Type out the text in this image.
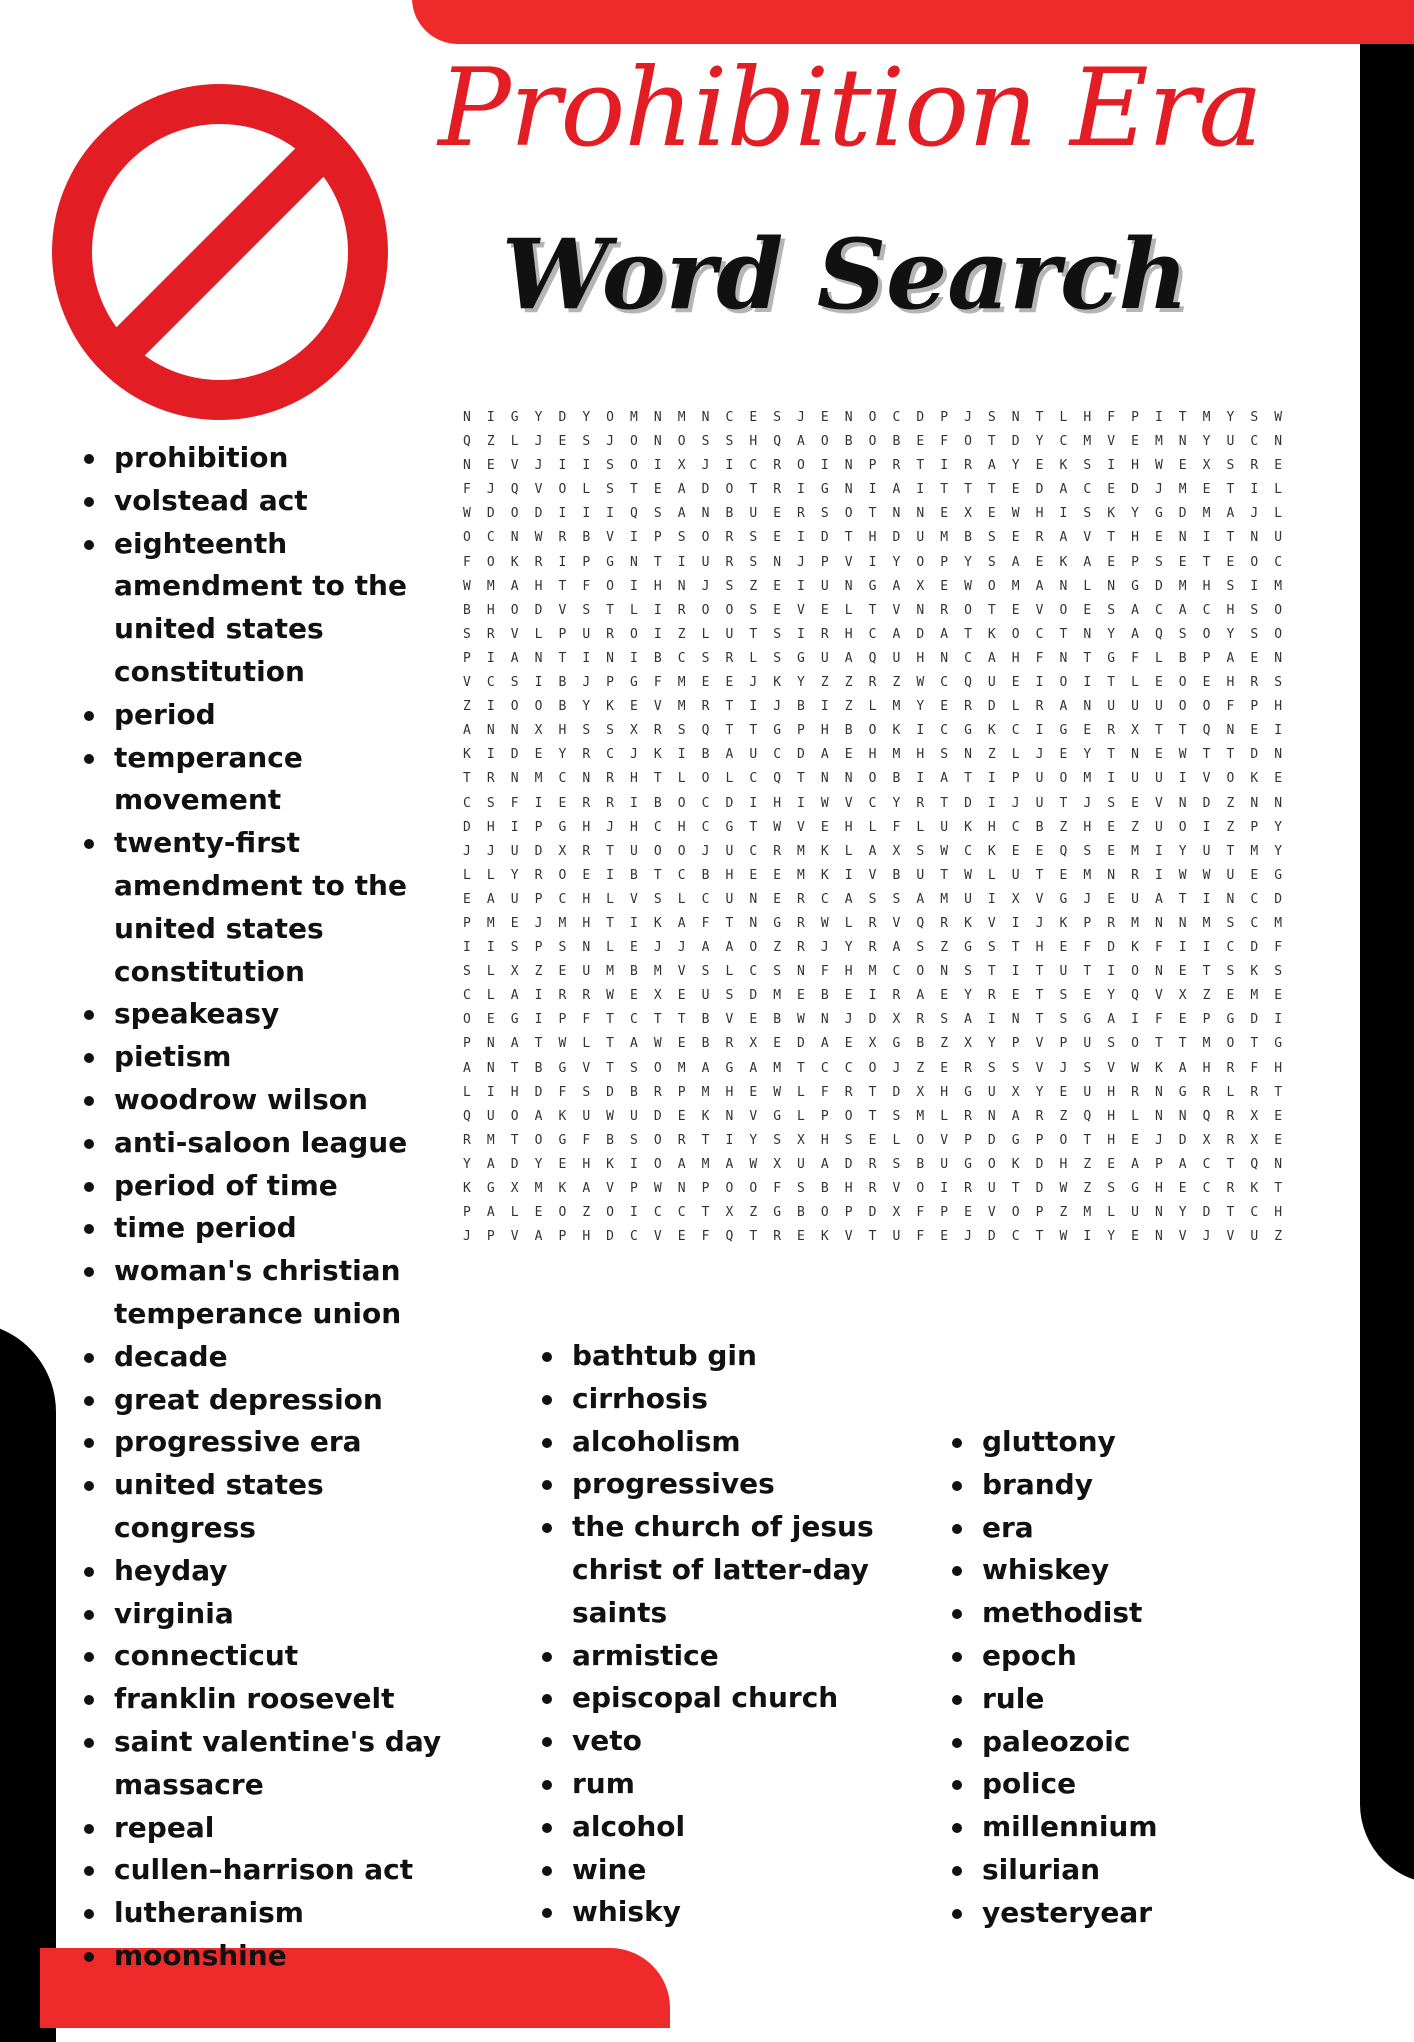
Prohibition Era
Word Search
N	I	G	Y	D	Y	O	M	N	M	N	C	E	S	J	E	N	O	C	D	P	J	S	N	T	L	H	F	P	I	T	M	Y	S	W
Q	Z	L	J	E	S	J	O	N	O	S	S	H	Q	A	O	B	O	B	E	F	O	T	D	Y	C	M	V	E	M	N	Y	U	C	N
N	E	V	J	I	I	S	O	I	X	J	I	C	R	O	I	N	P	R	T	I	R	A	Y	E	K	S	I	H	W	E	X	S	R	E
F	J	Q	V	O	L	S	T	E	A	D	O	T	R	I	G	N	I	A	I	T	T	T	E	D	A	C	E	D	J	M	E	T	I	L
W	D	O	D	I	I	I	Q	S	A	N	B	U	E	R	S	O	T	N	N	E	X	E	W	H	I	S	K	Y	G	D	M	A	J	L
O	C	N	W	R	B	V	I	P	S	O	R	S	E	I	D	T	H	D	U	M	B	S	E	R	A	V	T	H	E	N	I	T	N	U
F	O	K	R	I	P	G	N	T	I	U	R	S	N	J	P	V	I	Y	O	P	Y	S	A	E	K	A	E	P	S	E	T	E	O	C
W	M	A	H	T	F	O	I	H	N	J	S	Z	E	I	U	N	G	A	X	E	W	O	M	A	N	L	N	G	D	M	H	S	I	M
B	H	O	D	V	S	T	L	I	R	O	O	S	E	V	E	L	T	V	N	R	O	T	E	V	O	E	S	A	C	A	C	H	S	O
S	R	V	L	P	U	R	O	I	Z	L	U	T	S	I	R	H	C	A	D	A	T	K	O	C	T	N	Y	A	Q	S	O	Y	S	O
P	I	A	N	T	I	N	I	B	C	S	R	L	S	G	U	A	Q	U	H	N	C	A	H	F	N	T	G	F	L	B	P	A	E	N
V	C	S	I	B	J	P	G	F	M	E	E	J	K	Y	Z	Z	R	Z	W	C	Q	U	E	I	O	I	T	L	E	O	E	H	R	S
Z	I	O	O	B	Y	K	E	V	M	R	T	I	J	B	I	Z	L	M	Y	E	R	D	L	R	A	N	U	U	U	O	O	F	P	H
A	N	N	X	H	S	S	X	R	S	Q	T	T	G	P	H	B	O	K	I	C	G	K	C	I	G	E	R	X	T	T	Q	N	E	I
K	I	D	E	Y	R	C	J	K	I	B	A	U	C	D	A	E	H	M	H	S	N	Z	L	J	E	Y	T	N	E	W	T	T	D	N
T	R	N	M	C	N	R	H	T	L	O	L	C	Q	T	N	N	O	B	I	A	T	I	P	U	O	M	I	U	U	I	V	O	K	E
C	S	F	I	E	R	R	I	B	O	C	D	I	H	I	W	V	C	Y	R	T	D	I	J	U	T	J	S	E	V	N	D	Z	N	N
D	H	I	P	G	H	J	H	C	H	C	G	T	W	V	E	H	L	F	L	U	K	H	C	B	Z	H	E	Z	U	O	I	Z	P	Y
J	J	U	D	X	R	T	U	O	O	J	U	C	R	M	K	L	A	X	S	W	C	K	E	E	Q	S	E	M	I	Y	U	T	M	Y
L	L	Y	R	O	E	I	B	T	C	B	H	E	E	M	K	I	V	B	U	T	W	L	U	T	E	M	N	R	I	W	W	U	E	G
E	A	U	P	C	H	L	V	S	L	C	U	N	E	R	C	A	S	S	A	M	U	I	X	V	G	J	E	U	A	T	I	N	C	D
P	M	E	J	M	H	T	I	K	A	F	T	N	G	R	W	L	R	V	Q	R	K	V	I	J	K	P	R	M	N	N	M	S	C	M
I	I	S	P	S	N	L	E	J	J	A	A	O	Z	R	J	Y	R	A	S	Z	G	S	T	H	E	F	D	K	F	I	I	C	D	F
S	L	X	Z	E	U	M	B	M	V	S	L	C	S	N	F	H	M	C	O	N	S	T	I	T	U	T	I	O	N	E	T	S	K	S
C	L	A	I	R	R	W	E	X	E	U	S	D	M	E	B	E	I	R	A	E	Y	R	E	T	S	E	Y	Q	V	X	Z	E	M	E
O	E	G	I	P	F	T	C	T	T	B	V	E	B	W	N	J	D	X	R	S	A	I	N	T	S	G	A	I	F	E	P	G	D	I
P	N	A	T	W	L	T	A	W	E	B	R	X	E	D	A	E	X	G	B	Z	X	Y	P	V	P	U	S	O	T	T	M	O	T	G
A	N	T	B	G	V	T	S	O	M	A	G	A	M	T	C	C	O	J	Z	E	R	S	S	V	J	S	V	W	K	A	H	R	F	H
L	I	H	D	F	S	D	B	R	P	M	H	E	W	L	F	R	T	D	X	H	G	U	X	Y	E	U	H	R	N	G	R	L	R	T
Q	U	O	A	K	U	W	U	D	E	K	N	V	G	L	P	O	T	S	M	L	R	N	A	R	Z	Q	H	L	N	N	Q	R	X	E
R	M	T	O	G	F	B	S	O	R	T	I	Y	S	X	H	S	E	L	O	V	P	D	G	P	O	T	H	E	J	D	X	R	X	E
Y	A	D	Y	E	H	K	I	O	A	M	A	W	X	U	A	D	R	S	B	U	G	O	K	D	H	Z	E	A	P	A	C	T	Q	N
K	G	X	M	K	A	V	P	W	N	P	O	O	F	S	B	H	R	V	O	I	R	U	T	D	W	Z	S	G	H	E	C	R	K	T
P	A	L	E	O	Z	O	I	C	C	T	X	Z	G	B	O	P	D	X	F	P	E	V	O	P	Z	M	L	U	N	Y	D	T	C	H
J	P	V	A	P	H	D	C	V	E	F	Q	T	R	E	K	V	T	U	F	E	J	D	C	T	W	I	Y	E	N	V	J	V	U	Z
prohibition
volstead act
eighteenth amendment to the united states constitution
period
temperance movement
twenty-first amendment to the united states constitution
speakeasy
pietism
woodrow wilson
anti-saloon league
period of time
time period
woman's christian temperance union
decade
great depression
progressive era
united states congress
heyday
virginia
connecticut
franklin roosevelt
saint valentine's day massacre
repeal
cullen–harrison act
lutheranism
moonshine
bathtub gin
cirrhosis
alcoholism
progressives
the church of jesus christ of latter-day saints
armistice
episcopal church
veto
rum
alcohol
wine
whisky
gluttony
brandy
era
whiskey
methodist
epoch
rule
paleozoic
police
millennium
silurian
yesteryear
